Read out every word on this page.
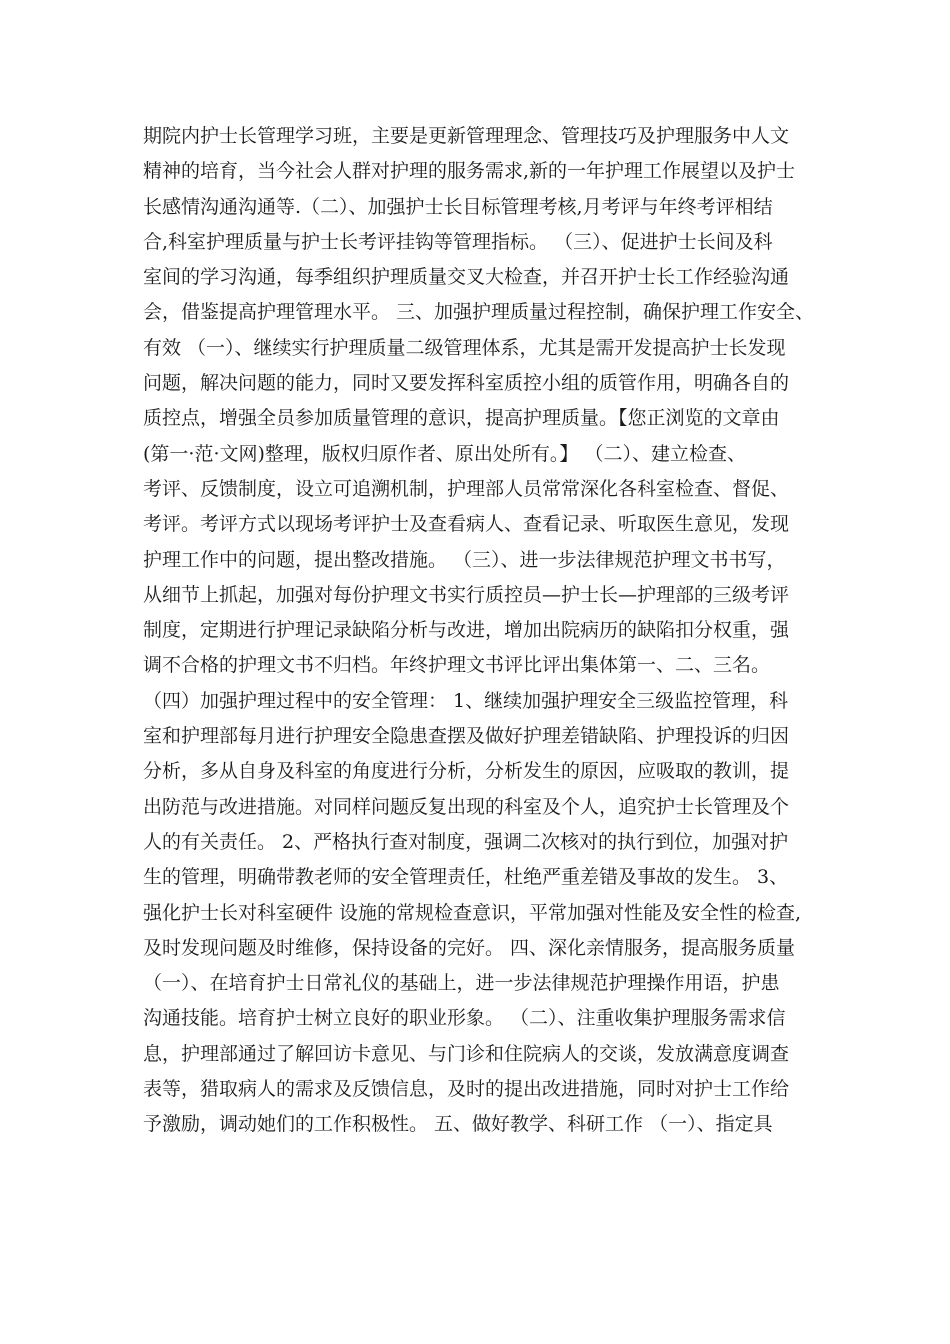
期院内护士长管理学习班，主要是更新管理理念、管理技巧及护理服务中人文
精神的培育，当今社会人群对护理的服务需求,新的一年护理工作展望以及护士
长感情沟通沟通等.（二）、加强护士长目标管理考核,月考评与年终考评相结
合,科室护理质量与护士长考评挂钩等管理指标。 （三）、促进护士长间及科
室间的学习沟通，每季组织护理质量交叉大检查，并召开护士长工作经验沟通
会，借鉴提高护理管理水平。 三、加强护理质量过程控制，确保护理工作安全、
有效 （一）、继续实行护理质量二级管理体系，尤其是需开发提高护士长发现
问题，解决问题的能力，同时又要发挥科室质控小组的质管作用，明确各自的
质控点，增强全员参加质量管理的意识，提高护理质量。【您正浏览的文章由
(第一·范·文网)整理，版权归原作者、原出处所有。】 （二）、建立检查、
考评、反馈制度，设立可追溯机制，护理部人员常常深化各科室检查、督促、
考评。考评方式以现场考评护士及查看病人、查看记录、听取医生意见，发现
护理工作中的问题，提出整改措施。 （三）、进一步法律规范护理文书书写，
从细节上抓起，加强对每份护理文书实行质控员—护士长—护理部的三级考评
制度，定期进行护理记录缺陷分析与改进，增加出院病历的缺陷扣分权重，强
调不合格的护理文书不归档。年终护理文书评比评出集体第一、二、三名。
（四）加强护理过程中的安全管理： 1、继续加强护理安全三级监控管理，科
室和护理部每月进行护理安全隐患查摆及做好护理差错缺陷、护理投诉的归因
分析，多从自身及科室的角度进行分析，分析发生的原因，应吸取的教训，提
出防范与改进措施。对同样问题反复出现的科室及个人，追究护士长管理及个
人的有关责任。 2、严格执行查对制度，强调二次核对的执行到位，加强对护
生的管理，明确带教老师的安全管理责任，杜绝严重差错及事故的发生。 3、
强化护士长对科室硬件 设施的常规检查意识，平常加强对性能及安全性的检查,
及时发现问题及时维修，保持设备的完好。 四、深化亲情服务，提高服务质量
（一）、在培育护士日常礼仪的基础上，进一步法律规范护理操作用语，护患
沟通技能。培育护士树立良好的职业形象。 （二）、注重收集护理服务需求信
息，护理部通过了解回访卡意见、与门诊和住院病人的交谈，发放满意度调查
表等，猎取病人的需求及反馈信息，及时的提出改进措施，同时对护士工作给
予激励，调动她们的工作积极性。 五、做好教学、科研工作 （一）、指定具
